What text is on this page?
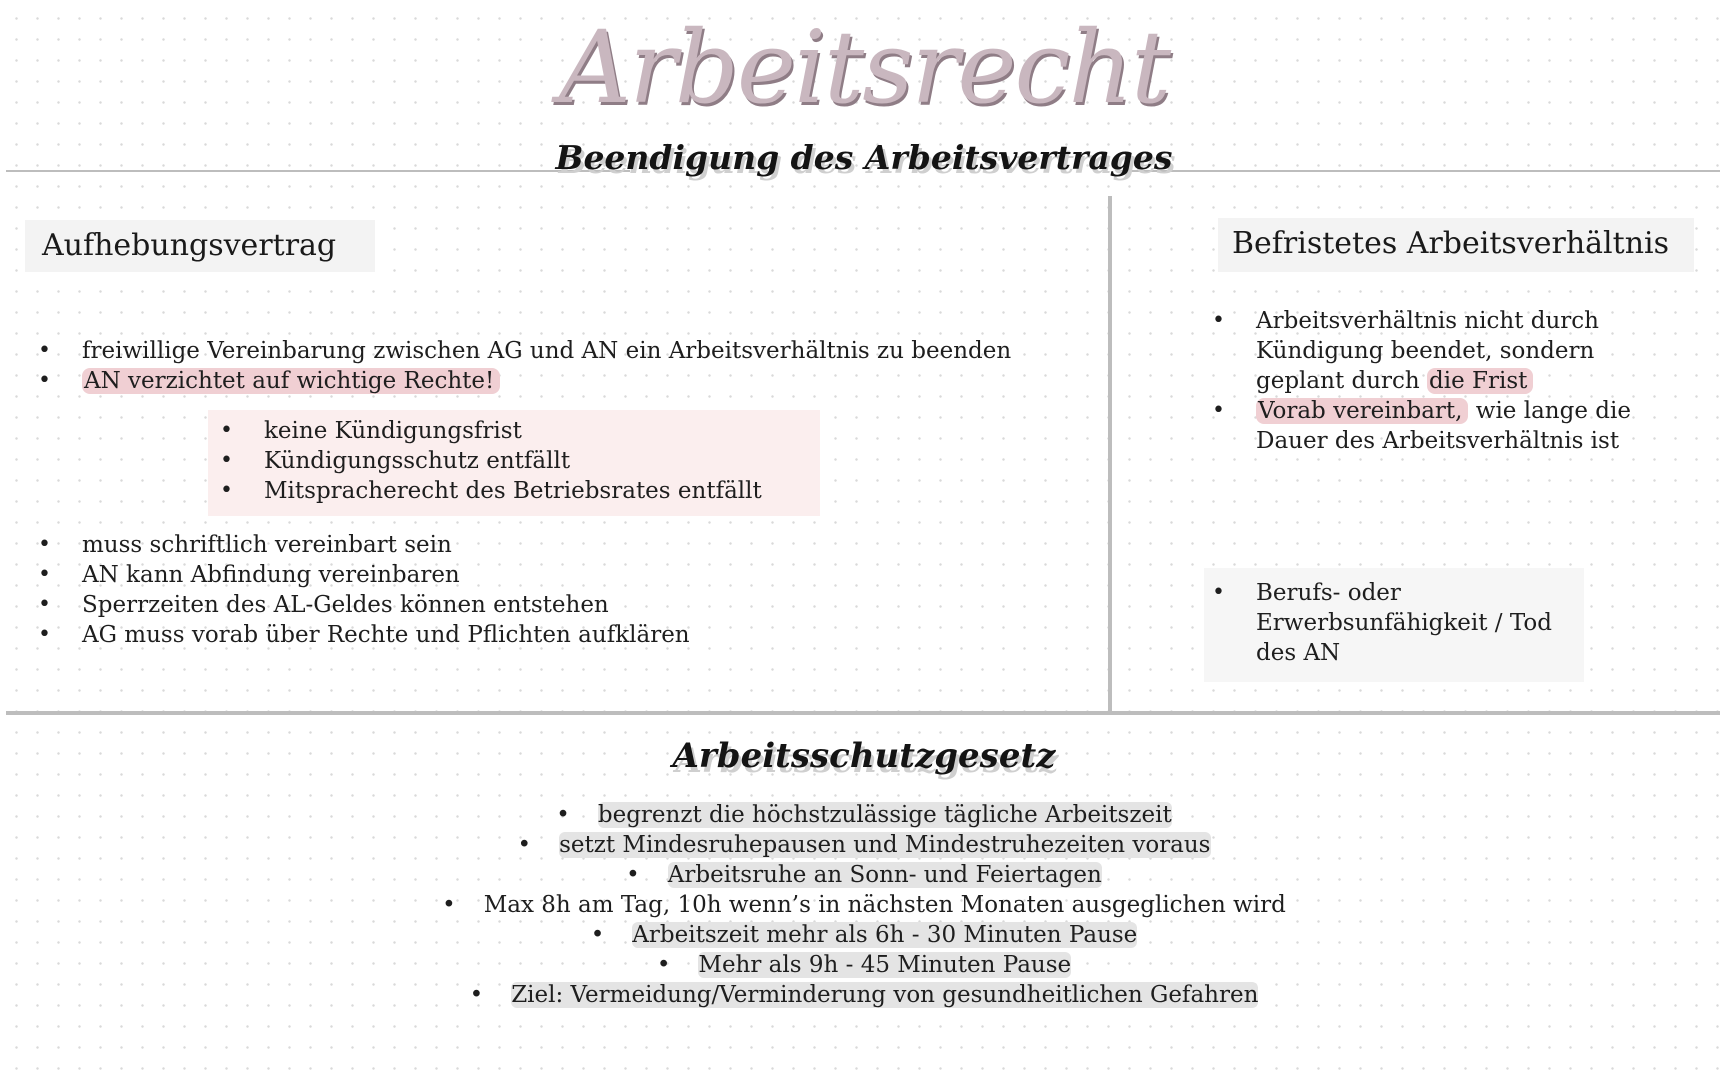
Arbeitsrecht
Beendigung des Arbeitsvertrages
Aufhebungsvertrag
• freiwillige Vereinbarung zwischen AG und AN ein Arbeitsverhältnis zu beenden
• AN verzichtet auf wichtige Rechte!
• keine Kündigungsfrist
• Kündigungsschutz entfällt
• Mitspracherecht des Betriebsrates entfällt
• muss schriftlich vereinbart sein
• AN kann Abfindung vereinbaren
• Sperrzeiten des AL-Geldes können entstehen
• AG muss vorab über Rechte und Pflichten aufklären
Befristetes Arbeitsverhältnis
• Arbeitsverhältnis nicht durch Kündigung beendet, sondern geplant durch die Frist
• Vorab vereinbart, wie lange die Dauer des Arbeitsverhältnis ist
• Berufs- oder Erwerbsunfähigkeit / Tod des AN
Arbeitsschutzgesetz
• begrenzt die höchstzulässige tägliche Arbeitszeit
• setzt Mindesruhepausen und Mindestruhezeiten voraus
• Arbeitsruhe an Sonn- und Feiertagen
• Max 8h am Tag, 10h wenn’s in nächsten Monaten ausgeglichen wird
• Arbeitszeit mehr als 6h - 30 Minuten Pause
• Mehr als 9h - 45 Minuten Pause
• Ziel: Vermeidung/Verminderung von gesundheitlichen Gefahren
